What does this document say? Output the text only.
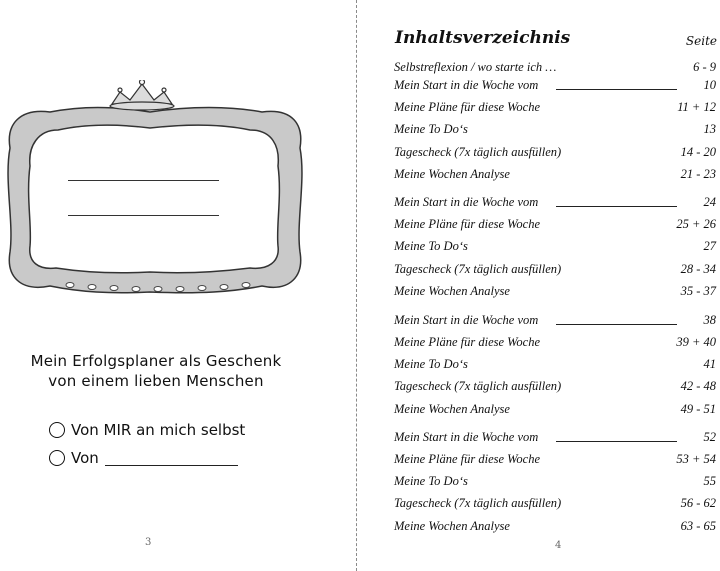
Mein Erfolgsplaner als Geschenk
von einem lieben Menschen
Von MIR an mich selbst
Von
3
Inhaltsverzeichnis	Seite
Selbstreflexion / wo starte ich …	6 - 9
Mein Start in die Woche vom	10
Meine Pläne für diese Woche	11 + 12
Meine To Do‘s	13
Tagescheck (7x täglich ausfüllen)	14 - 20
Meine Wochen Analyse	21 - 23
Mein Start in die Woche vom	24
Meine Pläne für diese Woche	25 + 26
Meine To Do‘s	27
Tagescheck (7x täglich ausfüllen)	28 - 34
Meine Wochen Analyse	35 - 37
Mein Start in die Woche vom	38
Meine Pläne für diese Woche	39 + 40
Meine To Do‘s	41
Tagescheck (7x täglich ausfüllen)	42 - 48
Meine Wochen Analyse	49 - 51
Mein Start in die Woche vom	52
Meine Pläne für diese Woche	53 + 54
Meine To Do‘s	55
Tagescheck (7x täglich ausfüllen)	56 - 62
Meine Wochen Analyse	63 - 65
4
